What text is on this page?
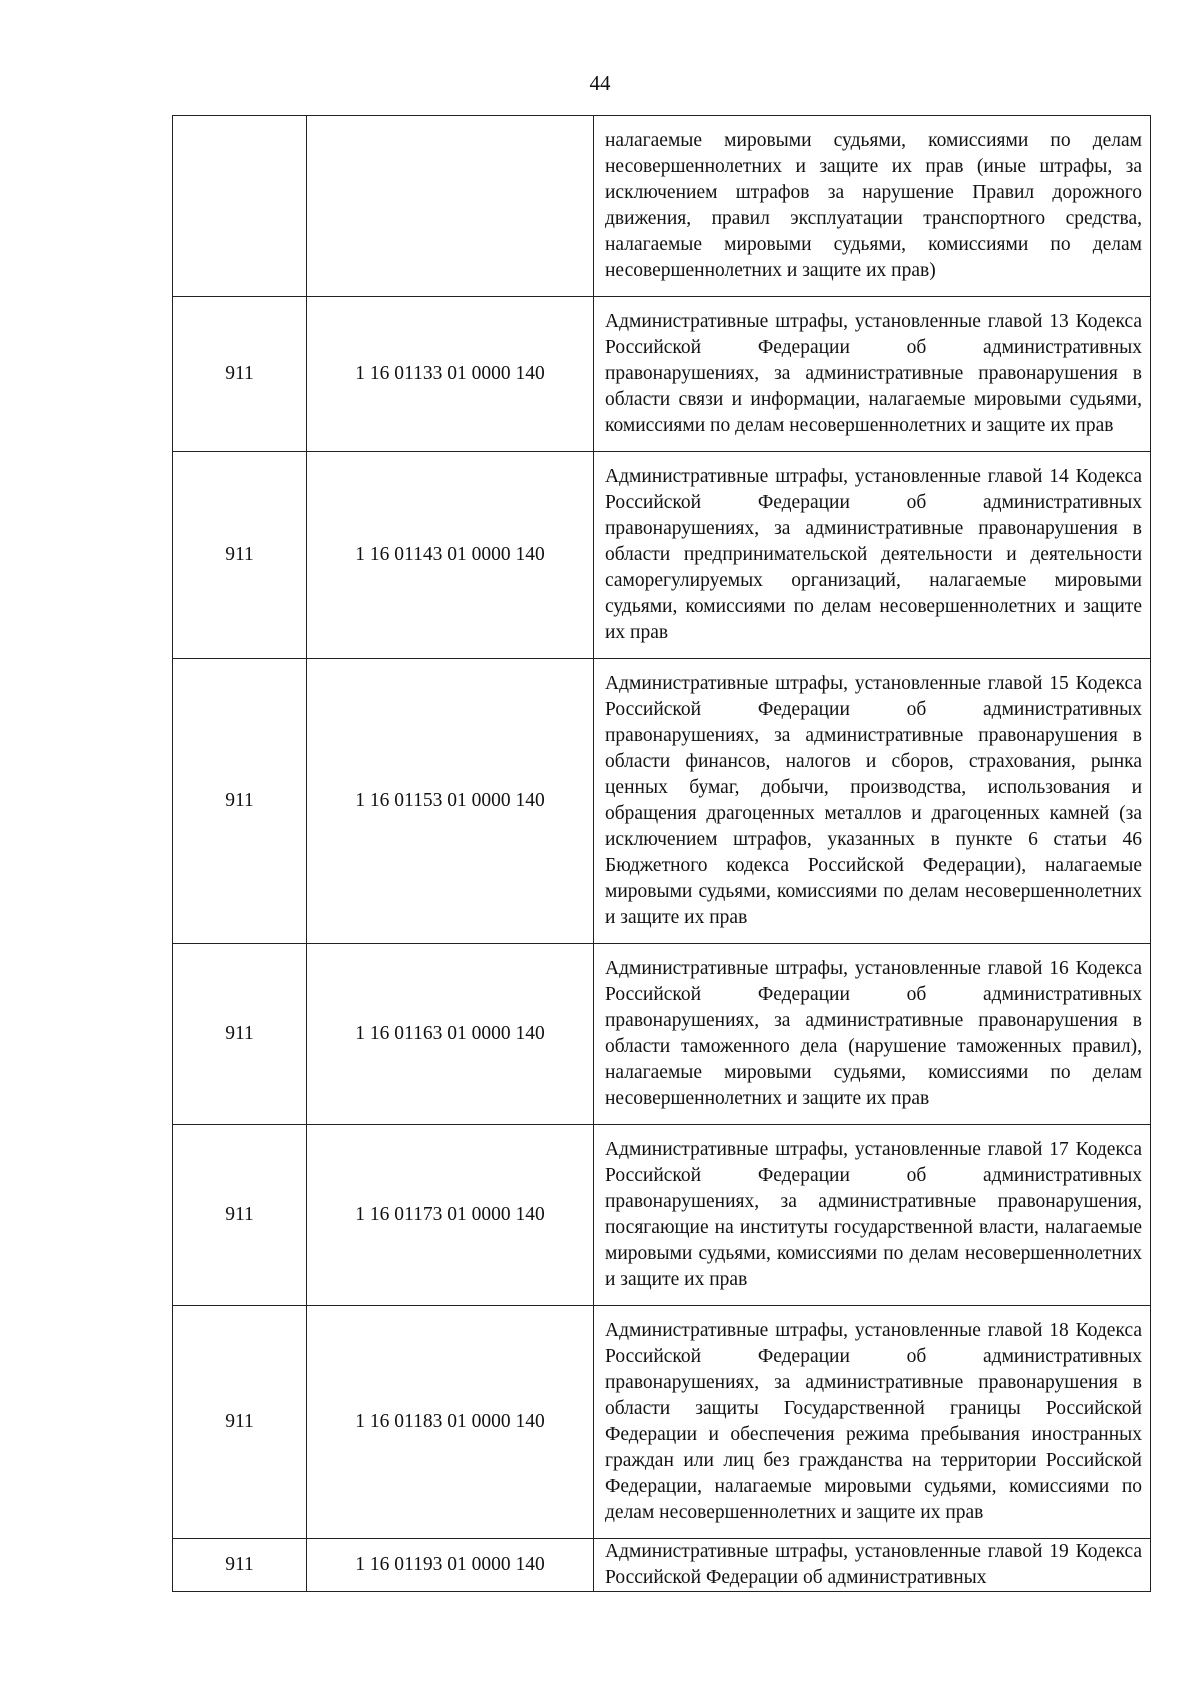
44
		налагаемые мировыми судьями, комиссиями по делам несовершеннолетних и защите их прав (иные штрафы, за исключением штрафов за нарушение Правил дорожного движения, правил эксплуатации транспортного средства, налагаемые мировыми судьями, комиссиями по делам несовершеннолетних и защите их прав)
911	1 16 01133 01 0000 140	Административные штрафы, установленные главой 13 Кодекса Российской Федерации об административных правонарушениях, за административные правонарушения в области связи и информации, налагаемые мировыми судьями, комиссиями по делам несовершеннолетних и защите их прав
911	1 16 01143 01 0000 140	Административные штрафы, установленные главой 14 Кодекса Российской Федерации об административных правонарушениях, за административные правонарушения в области предпринимательской деятельности и деятельности саморегулируемых организаций, налагаемые мировыми судьями, комиссиями по делам несовершеннолетних и защите их прав
911	1 16 01153 01 0000 140	Административные штрафы, установленные главой 15 Кодекса Российской Федерации об административных правонарушениях, за административные правонарушения в области финансов, налогов и сборов, страхования, рынка ценных бумаг, добычи, производства, использования и обращения драгоценных металлов и драгоценных камней (за исключением штрафов, указанных в пункте 6 статьи 46 Бюджетного кодекса Российской Федерации), налагаемые мировыми судьями, комиссиями по делам несовершеннолетних и защите их прав
911	1 16 01163 01 0000 140	Административные штрафы, установленные главой 16 Кодекса Российской Федерации об административных правонарушениях, за административные правонарушения в области таможенного дела (нарушение таможенных правил), налагаемые мировыми судьями, комиссиями по делам несовершеннолетних и защите их прав
911	1 16 01173 01 0000 140	Административные штрафы, установленные главой 17 Кодекса Российской Федерации об административных правонарушениях, за административные правонарушения, посягающие на институты государственной власти, налагаемые мировыми судьями, комиссиями по делам несовершеннолетних и защите их прав
911	1 16 01183 01 0000 140	Административные штрафы, установленные главой 18 Кодекса Российской Федерации об административных правонарушениях, за административные правонарушения в области защиты Государственной границы Российской Федерации и обеспечения режима пребывания иностранных граждан или лиц без гражданства на территории Российской Федерации, налагаемые мировыми судьями, комиссиями по делам несовершеннолетних и защите их прав
911	1 16 01193 01 0000 140	Административные штрафы, установленные главой 19 Кодекса Российской Федерации об административных
